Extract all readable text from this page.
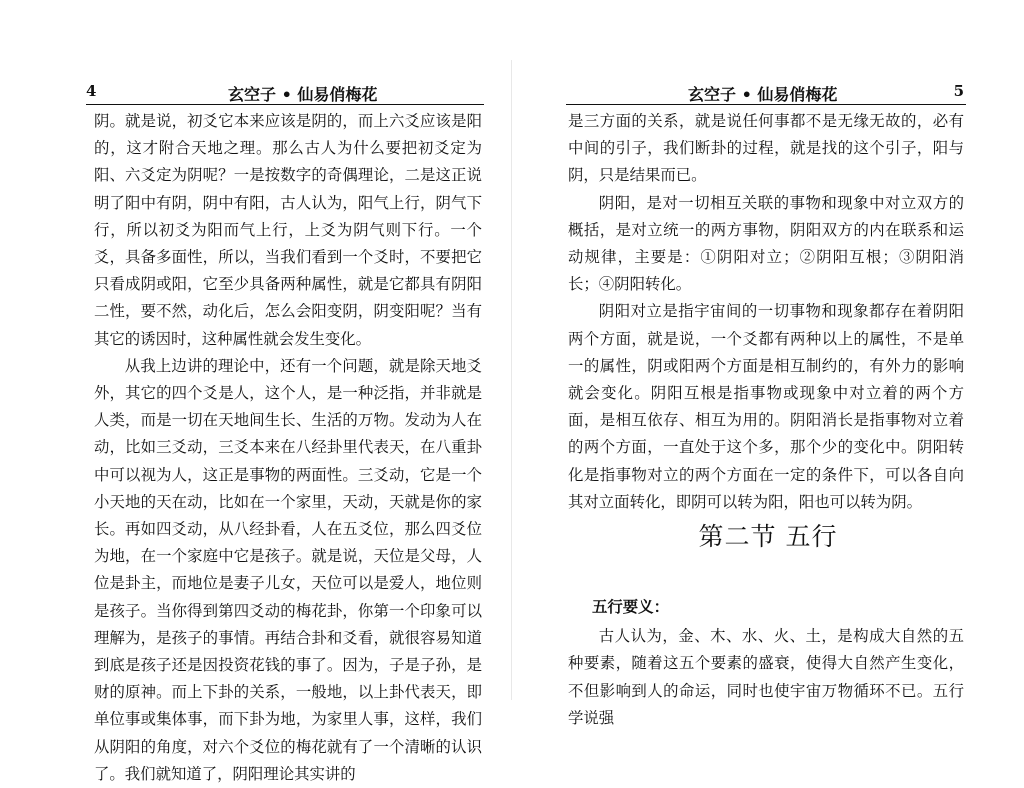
4	玄空子 • 仙易俏梅花

阴。就是说，初爻它本来应该是阴的，而上六爻应该是阳的，这才附合天地之理。那么古人为什么要把初爻定为阳、六爻定为阴呢？一是按数字的奇偶理论，二是这正说明了阳中有阴，阴中有阳，古人认为，阳气上行，阴气下行，所以初爻为阳而气上行，上爻为阴气则下行。一个爻，具备多面性，所以，当我们看到一个爻时，不要把它只看成阴或阳，它至少具备两种属性，就是它都具有阴阳二性，要不然，动化后，怎么会阳变阴，阴变阳呢？当有其它的诱因时，这种属性就会发生变化。

从我上边讲的理论中，还有一个问题，就是除天地爻外，其它的四个爻是人，这个人，是一种泛指，并非就是人类，而是一切在天地间生长、生活的万物。发动为人在动，比如三爻动，三爻本来在八经卦里代表天，在八重卦中可以视为人，这正是事物的两面性。三爻动，它是一个小天地的天在动，比如在一个家里，天动，天就是你的家长。再如四爻动，从八经卦看，人在五爻位，那么四爻位为地，在一个家庭中它是孩子。就是说，天位是父母，人位是卦主，而地位是妻子儿女，天位可以是爱人，地位则是孩子。当你得到第四爻动的梅花卦，你第一个印象可以理解为，是孩子的事情。再结合卦和爻看，就很容易知道到底是孩子还是因投资花钱的事了。因为，子是子孙，是财的原神。而上下卦的关系，一般地，以上卦代表天，即单位事或集体事，而下卦为地，为家里人事，这样，我们从阴阳的角度，对六个爻位的梅花就有了一个清晰的认识了。我们就知道了，阴阳理论其实讲的

玄空子 • 仙易俏梅花	5

是三方面的关系，就是说任何事都不是无缘无故的，必有中间的引子，我们断卦的过程，就是找的这个引子，阳与阴，只是结果而已。

阴阳，是对一切相互关联的事物和现象中对立双方的概括，是对立统一的两方事物，阴阳双方的内在联系和运动规律，主要是：①阴阳对立；②阴阳互根；③阴阳消长；④阴阳转化。

阴阳对立是指宇宙间的一切事物和现象都存在着阴阳两个方面，就是说，一个爻都有两种以上的属性，不是单一的属性，阴或阳两个方面是相互制约的，有外力的影响就会变化。阴阳互根是指事物或现象中对立着的两个方面，是相互依存、相互为用的。阴阳消长是指事物对立着的两个方面，一直处于这个多，那个少的变化中。阴阳转化是指事物对立的两个方面在一定的条件下，可以各自向其对立面转化，即阴可以转为阳，阳也可以转为阴。

第二节 五行

五行要义：

古人认为，金、木、水、火、土，是构成大自然的五种要素，随着这五个要素的盛衰，使得大自然产生变化，不但影响到人的命运，同时也使宇宙万物循环不已。五行学说强
